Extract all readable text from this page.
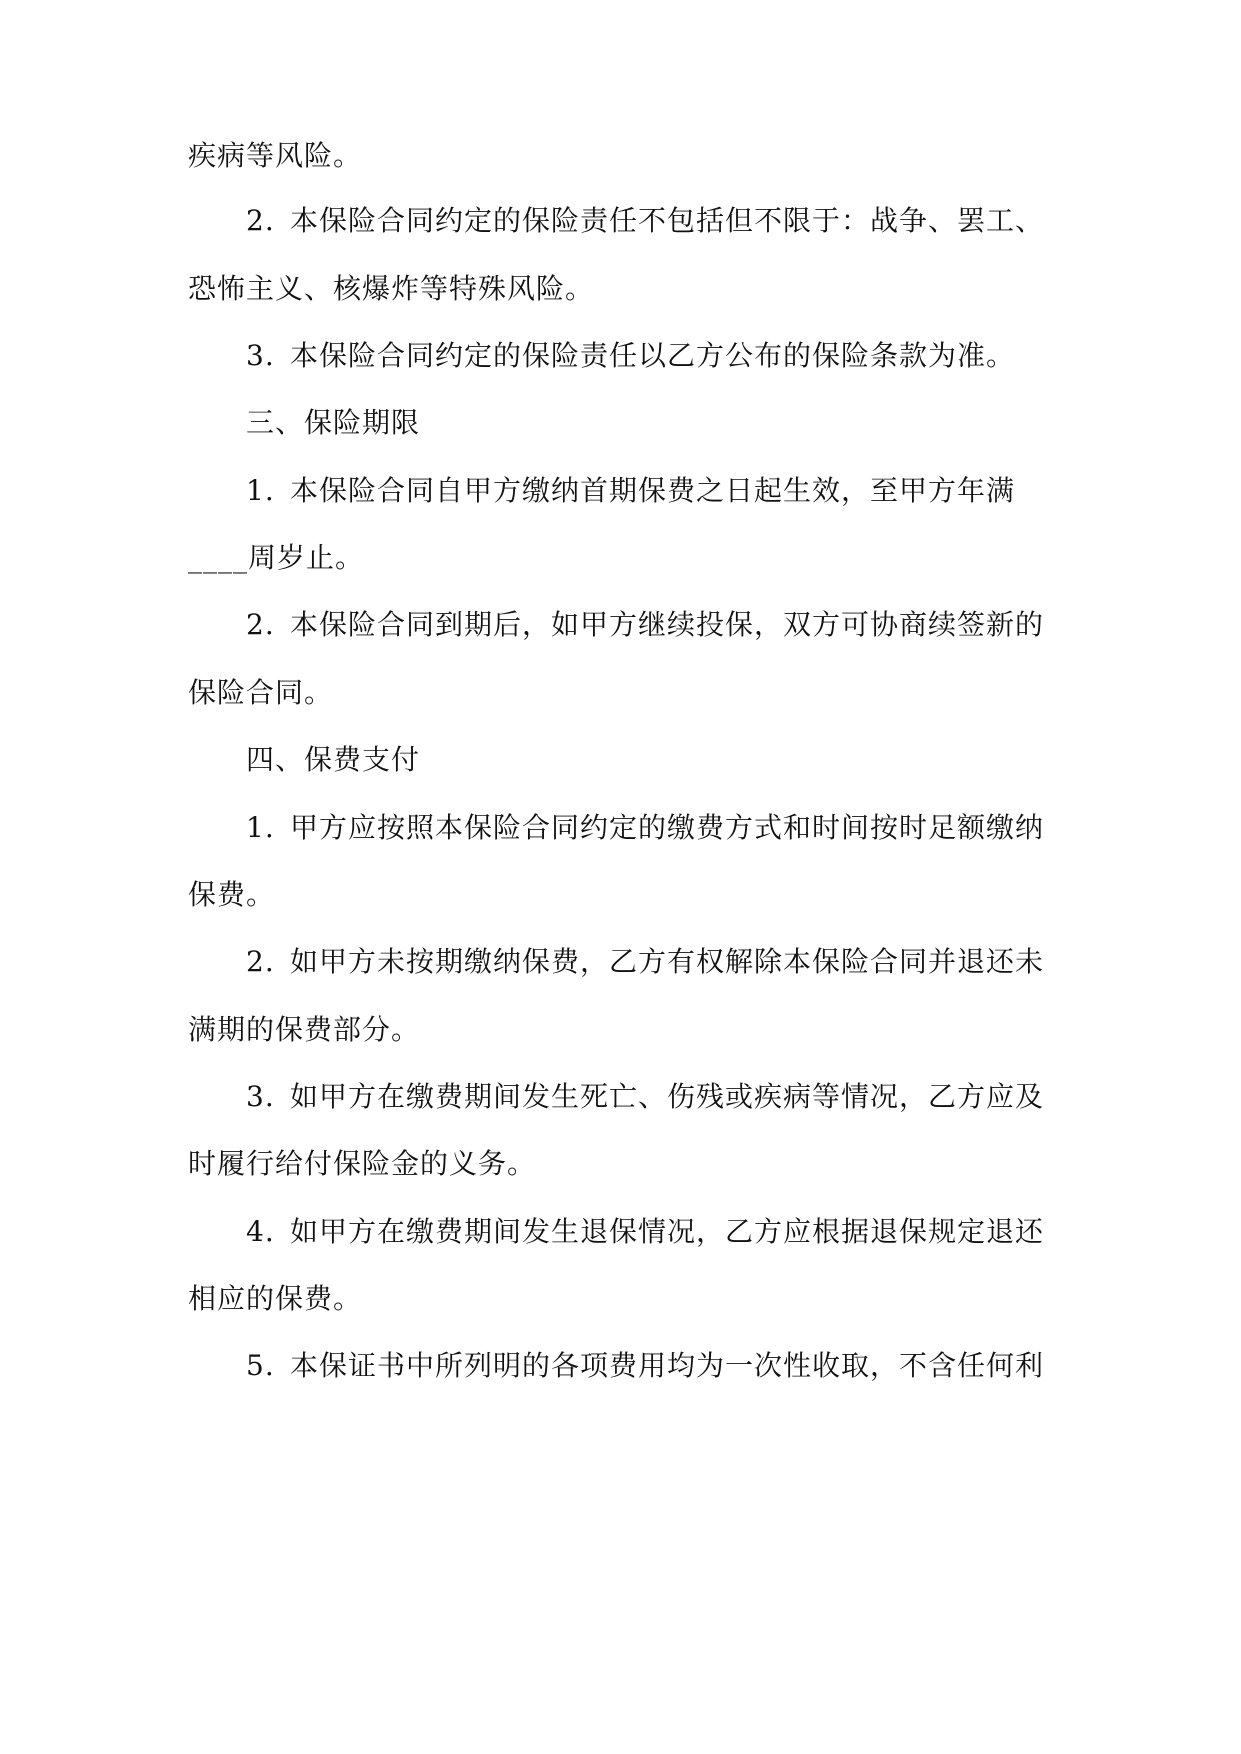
疾病等风险。
2. 本保险合同约定的保险责任不包括但不限于：战争、罢工、
恐怖主义、核爆炸等特殊风险。
3. 本保险合同约定的保险责任以乙方公布的保险条款为准。
三、保险期限
1. 本保险合同自甲方缴纳首期保费之日起生效，至甲方年满
____周岁止。
2. 本保险合同到期后，如甲方继续投保，双方可协商续签新的
保险合同。
四、保费支付
1. 甲方应按照本保险合同约定的缴费方式和时间按时足额缴纳
保费。
2. 如甲方未按期缴纳保费，乙方有权解除本保险合同并退还未
满期的保费部分。
3. 如甲方在缴费期间发生死亡、伤残或疾病等情况，乙方应及
时履行给付保险金的义务。
4. 如甲方在缴费期间发生退保情况，乙方应根据退保规定退还
相应的保费。
5. 本保证书中所列明的各项费用均为一次性收取，不含任何利
